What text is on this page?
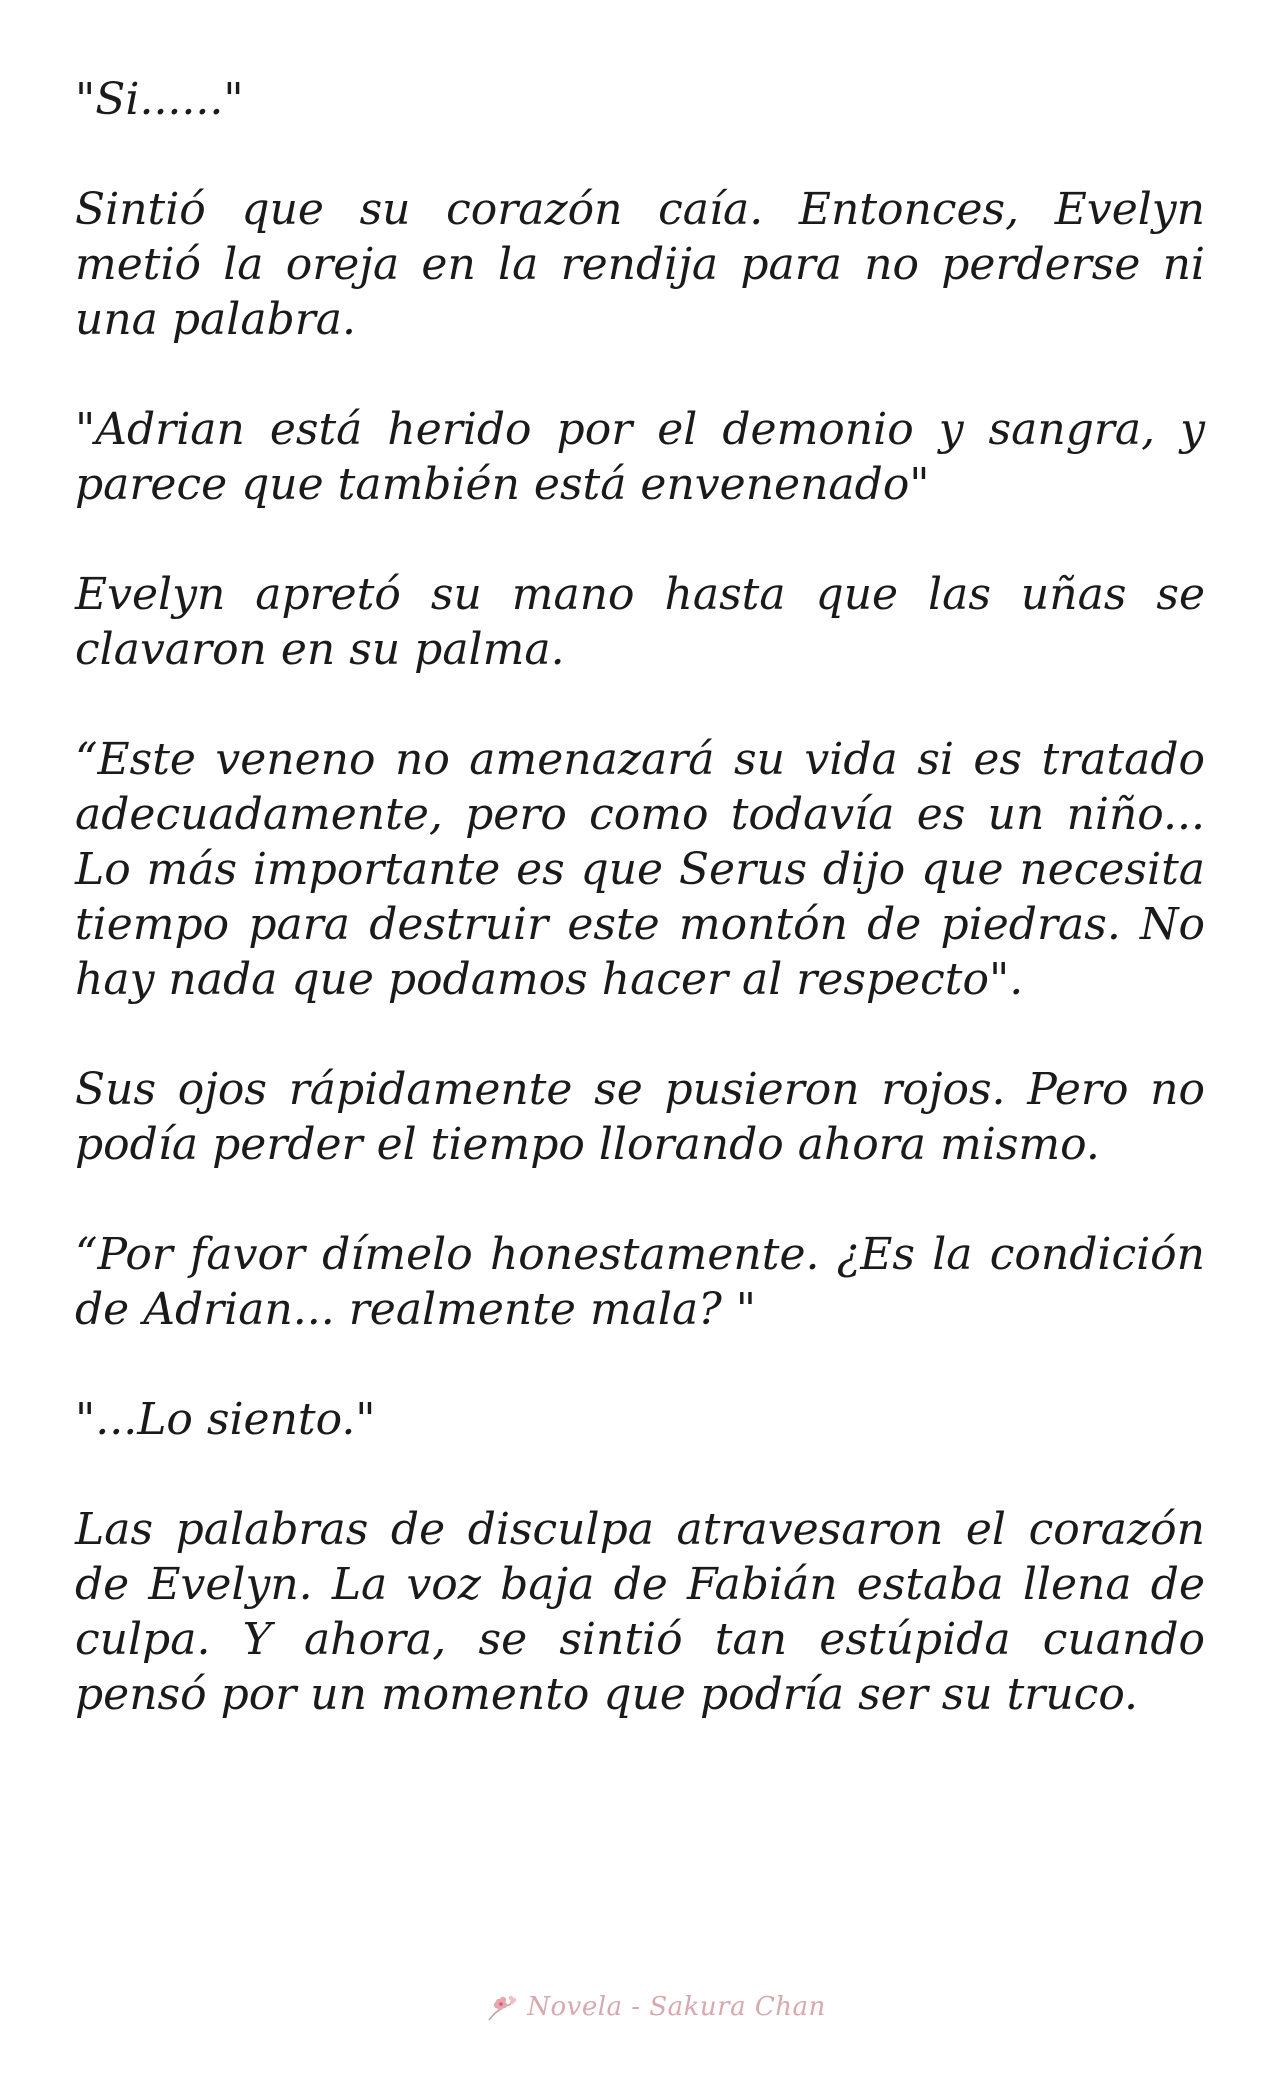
"Si......"

Sintió que su corazón caía. Entonces, Evelyn metió la oreja en la rendija para no perderse ni una palabra.

"Adrian está herido por el demonio y sangra, y parece que también está envenenado"

Evelyn apretó su mano hasta que las uñas se clavaron en su palma.

“Este veneno no amenazará su vida si es tratado adecuadamente, pero como todavía es un niño... Lo más importante es que Serus dijo que necesita tiempo para destruir este montón de piedras. No hay nada que podamos hacer al respecto".

Sus ojos rápidamente se pusieron rojos. Pero no podía perder el tiempo llorando ahora mismo.

“Por favor dímelo honestamente. ¿Es la condición de Adrian... realmente mala? "

"...Lo siento."

Las palabras de disculpa atravesaron el corazón de Evelyn. La voz baja de Fabián estaba llena de culpa. Y ahora, se sintió tan estúpida cuando pensó por un momento que podría ser su truco.

Novela - Sakura Chan
